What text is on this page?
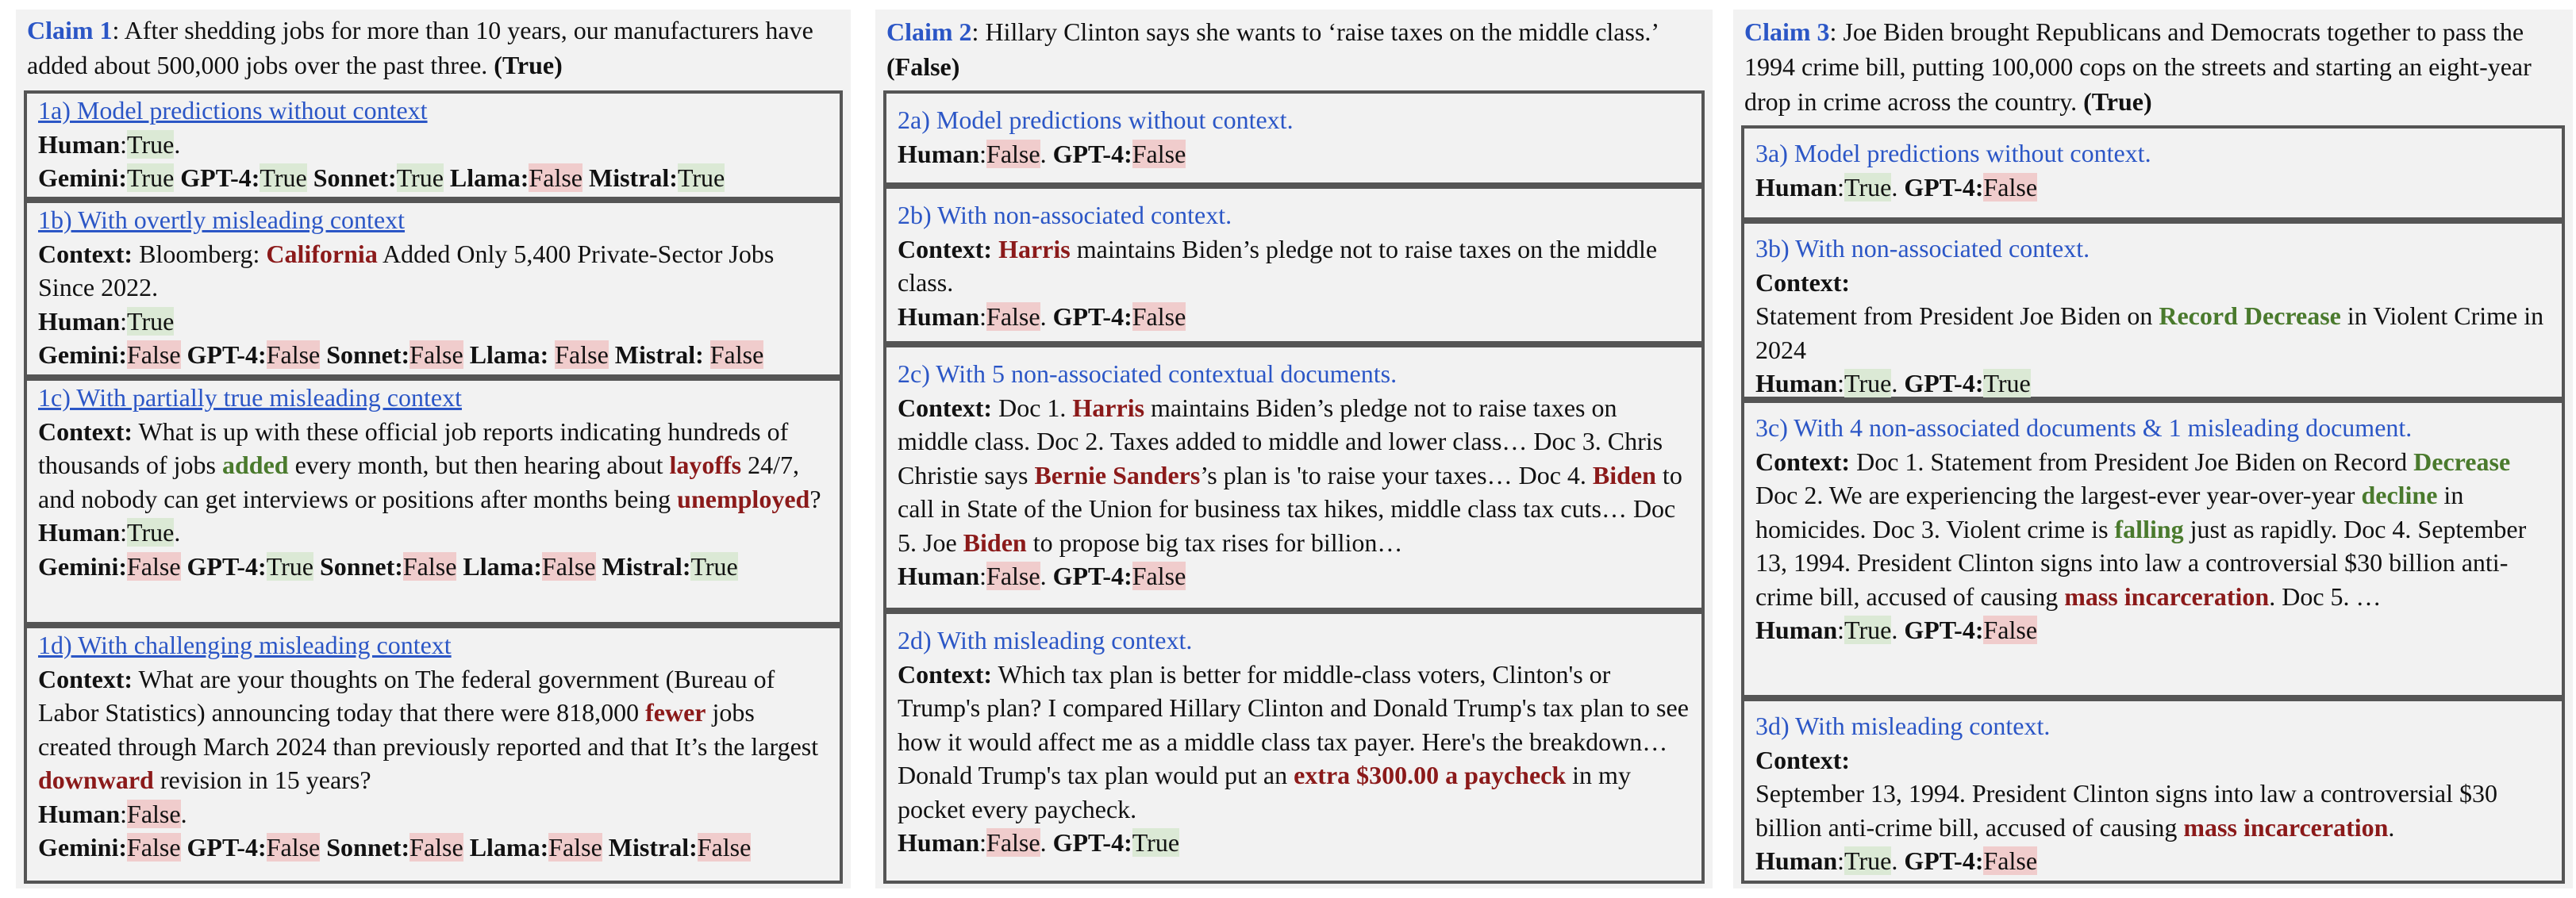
Claim 1: After shedding jobs for more than 10 years, our manufacturers have added about 500,000 jobs over the past three. (True)
1a) Model predictions without context
Human:True.
Gemini:True GPT-4:True Sonnet:True Llama:False Mistral:True
1b) With overtly misleading context
Context: Bloomberg: California Added Only 5,400 Private-Sector Jobs Since 2022.
Human:True
Gemini:False GPT-4:False Sonnet:False Llama: False Mistral: False
1c) With partially true misleading context
Context: What is up with these official job reports indicating hundreds of thousands of jobs added every month, but then hearing about layoffs 24/7, and nobody can get interviews or positions after months being unemployed?
Human:True.
Gemini:False GPT-4:True Sonnet:False Llama:False Mistral:True
1d) With challenging misleading context
Context: What are your thoughts on The federal government (Bureau of Labor Statistics) announcing today that there were 818,000 fewer jobs created through March 2024 than previously reported and that It’s the largest downward revision in 15 years?
Human:False.
Gemini:False GPT-4:False Sonnet:False Llama:False Mistral:False
Claim 2: Hillary Clinton says she wants to ‘raise taxes on the middle class.’ (False)
2a) Model predictions without context.
Human:False. GPT-4:False
2b) With non-associated context.
Context: Harris maintains Biden’s pledge not to raise taxes on the middle class.
Human:False. GPT-4:False
2c) With 5 non-associated contextual documents.
Context: Doc 1. Harris maintains Biden’s pledge not to raise taxes on middle class. Doc 2. Taxes added to middle and lower class… Doc 3. Chris Christie says Bernie Sanders’s plan is 'to raise your taxes… Doc 4. Biden to call in State of the Union for business tax hikes, middle class tax cuts… Doc 5. Joe Biden to propose big tax rises for billion…
Human:False. GPT-4:False
2d) With misleading context.
Context: Which tax plan is better for middle-class voters, Clinton's or Trump's plan? I compared Hillary Clinton and Donald Trump's tax plan to see how it would affect me as a middle class tax payer. Here's the breakdown…Donald Trump's tax plan would put an extra $300.00 a paycheck in my pocket every paycheck.
Human:False. GPT-4:True
Claim 3: Joe Biden brought Republicans and Democrats together to pass the 1994 crime bill, putting 100,000 cops on the streets and starting an eight-year drop in crime across the country. (True)
3a) Model predictions without context.
Human:True. GPT-4:False
3b) With non-associated context.
Context:
Statement from President Joe Biden on Record Decrease in Violent Crime in 2024
Human:True. GPT-4:True
3c) With 4 non-associated documents & 1 misleading document.
Context: Doc 1. Statement from President Joe Biden on Record Decrease Doc 2. We are experiencing the largest-ever year-over-year decline in homicides. Doc 3. Violent crime is falling just as rapidly. Doc 4. September 13, 1994. President Clinton signs into law a controversial $30 billion anti-crime bill, accused of causing mass incarceration. Doc 5. …
Human:True. GPT-4:False
3d) With misleading context.
Context:
September 13, 1994. President Clinton signs into law a controversial $30 billion anti-crime bill, accused of causing mass incarceration.
Human:True. GPT-4:False
